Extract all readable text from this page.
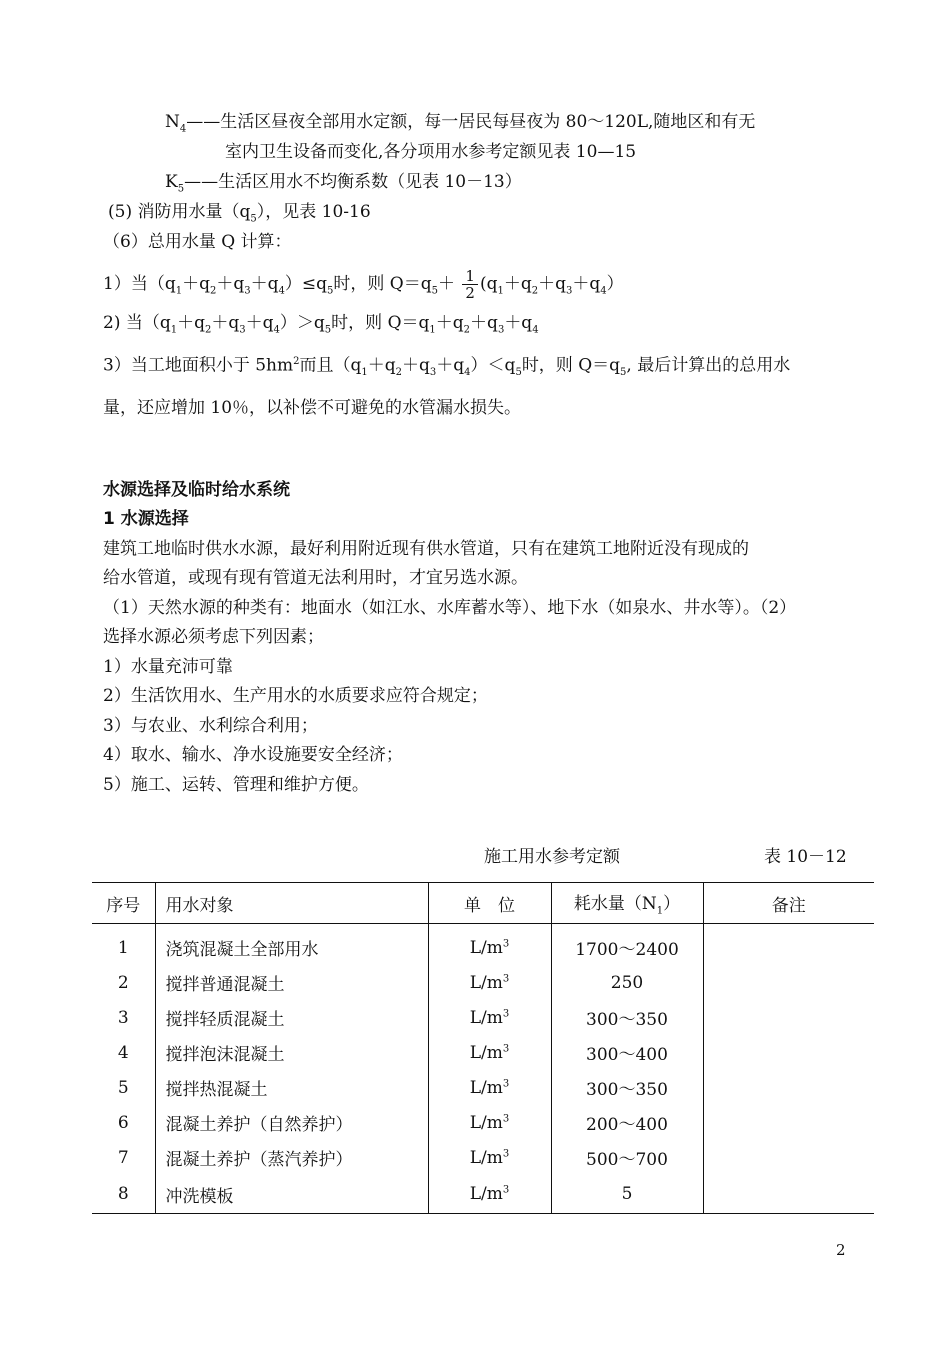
$N_4——$生活区昼夜全部用水定额，每一居民每昼夜为 80～120L,随地区和有无
室内卫生设备而变化,各分项用水参考定额见表 10—15
$K_5——$生活区用水不均衡系数（见表 10－13）
(5) 消防用水量$(q_5)$，见表 10-16
（6）总用水量 Q 计算：
1）当$(q_1+q_2+q_3+q_4)\le q_5$时，则 $Q=q_5+ \frac{1}{2} (q_1+q_2+q_3+q_4)$
2) 当$(q_1+q_2+q_3+q_4)>q_5$时，则 $Q=q_1+q_2+q_3+q_4$
3）当工地面积小于 $5hm^2$而且$(q_1+q_2+q_3+q_4)<q_5$时，则 $Q=q_5$, 最后计算出的总用水
量，还应增加 10％，以补偿不可避免的水管漏水损失。
水源选择及临时给水系统
1 水源选择
建筑工地临时供水水源，最好利用附近现有供水管道，只有在建筑工地附近没有现成的
给水管道，或现有现有管道无法利用时，才宜另选水源。
（1）天然水源的种类有：地面水（如江水、水库蓄水等）、地下水（如泉水、井水等）。（2）
选择水源必须考虑下列因素；
1）水量充沛可靠
2）生活饮用水、生产用水的水质要求应符合规定；
3）与农业、水利综合利用；
4）取水、输水、净水设施要安全经济；
5）施工、运转、管理和维护方便。
施工用水参考定额	表 10－12
序号	用水对象	单　位	耗水量$(N_1)$	备注
1	浇筑混凝土全部用水	$L/m^3$	1700～2400	
2	搅拌普通混凝土	$L/m^3$	250	
3	搅拌轻质混凝土	$L/m^3$	300～350	
4	搅拌泡沫混凝土	$L/m^3$	300～400	
5	搅拌热混凝土	$L/m^3$	300～350	
6	混凝土养护（自然养护）	$L/m^3$	200～400	
7	混凝土养护（蒸汽养护）	$L/m^3$	500～700	
8	冲洗模板	$L/m^3$	5	
2
